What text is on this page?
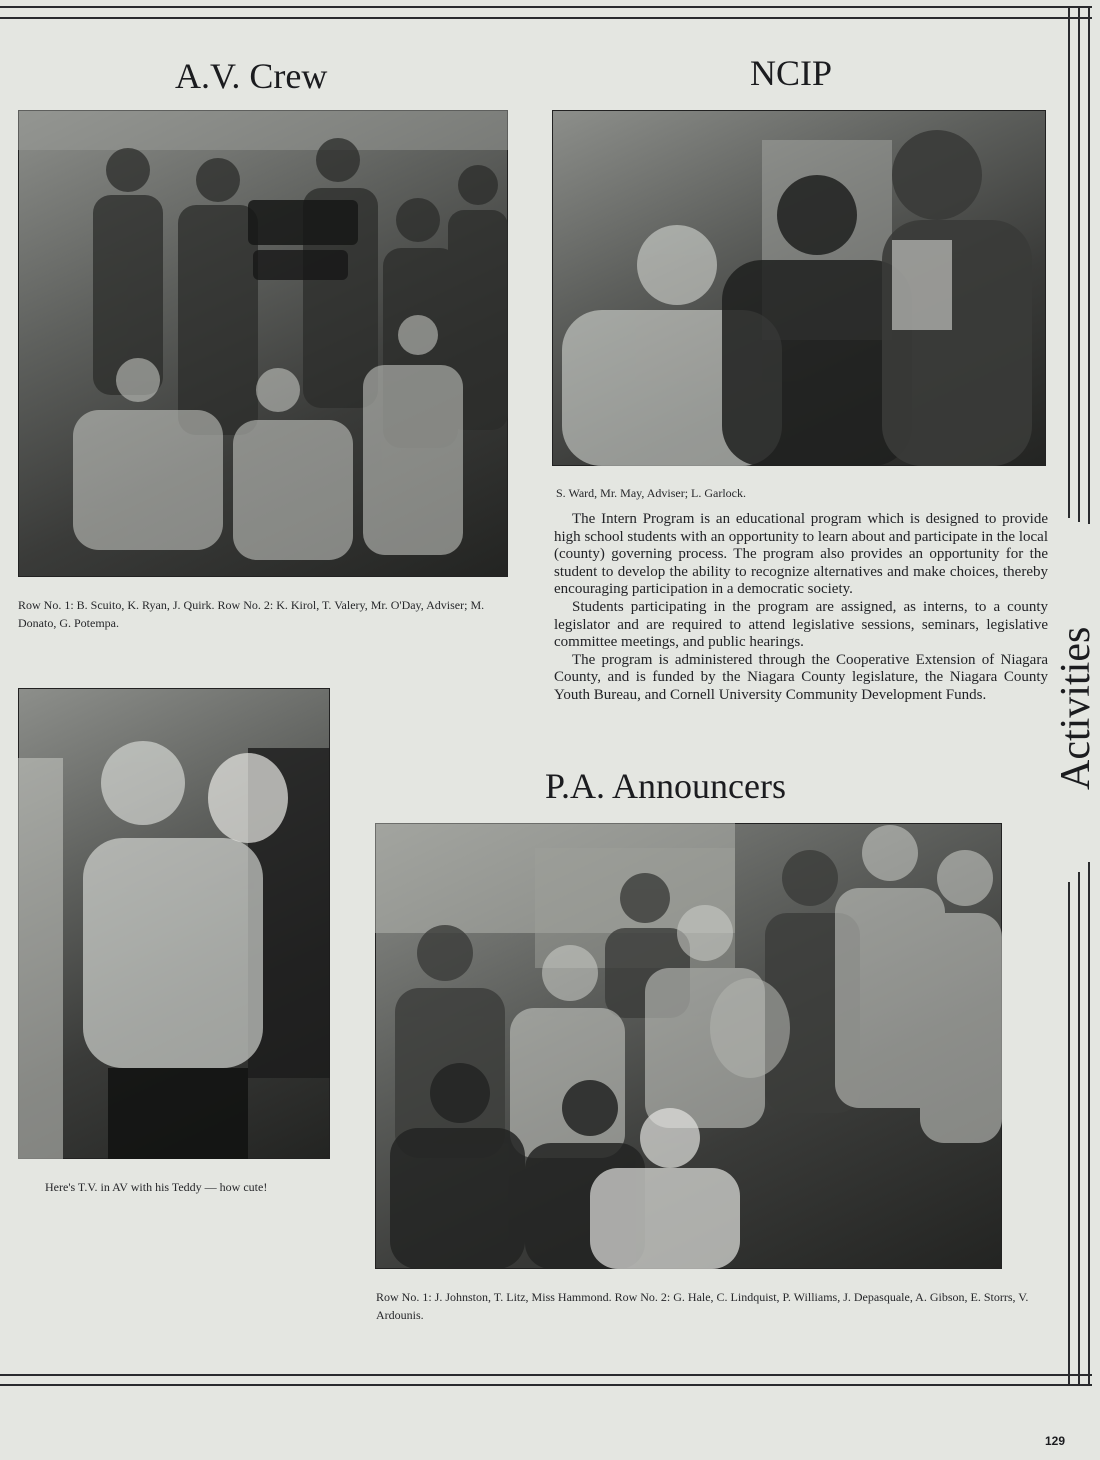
A.V. Crew

Row No. 1: B. Scuito, K. Ryan, J. Quirk. Row No. 2: K. Kirol, T. Valery, Mr. O'Day, Adviser; M. Donato, G. Potempa.

NCIP

S. Ward, Mr. May, Adviser; L. Garlock.

The Intern Program is an educational program which is designed to provide high school students with an opportunity to learn about and participate in the local (county) governing process. The program also provides an opportunity for the student to develop the ability to recognize alternatives and make choices, thereby encouraging participation in a democratic society.

Students participating in the program are assigned, as interns, to a county legislator and are required to attend legislative sessions, seminars, legislative committee meetings, and public hearings.

The program is administered through the Cooperative Extension of Niagara County, and is funded by the Niagara County legislature, the Niagara County Youth Bureau, and Cornell University Community Development Funds.

Here's T.V. in AV with his Teddy — how cute!

P.A. Announcers

Row No. 1: J. Johnston, T. Litz, Miss Hammond. Row No. 2: G. Hale, C. Lindquist, P. Williams, J. Depasquale, A. Gibson, E. Storrs, V. Ardounis.

Activities
129
